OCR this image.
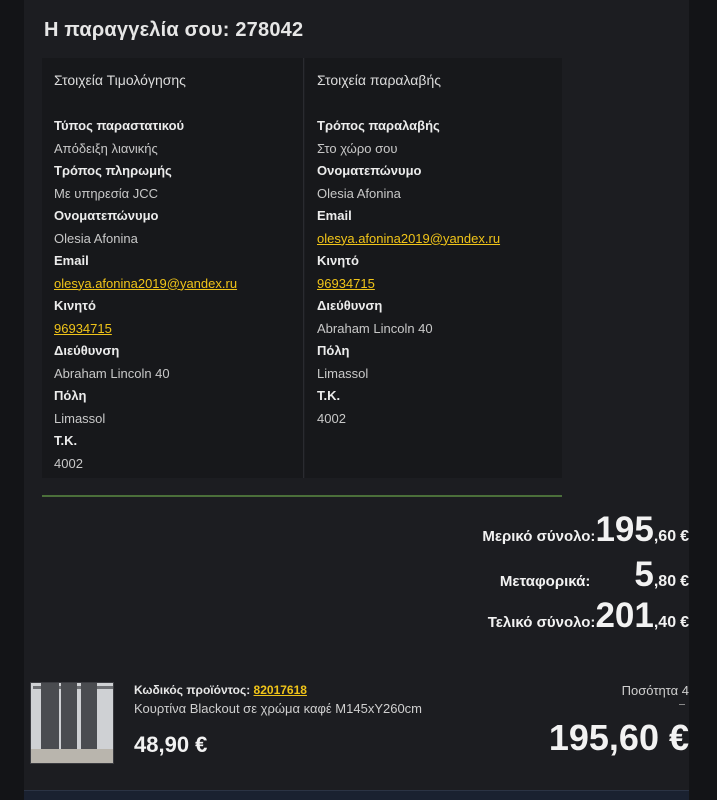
Η παραγγελία σου: 278042
Στοιχεία Τιμολόγησης
Τύπος παραστατικού
Απόδειξη λιανικής
Τρόπος πληρωμής
Με υπηρεσία JCC
Ονοματεπώνυμο
Olesia Afonina
Email
olesya.afonina2019@yandex.ru
Κινητό
96934715
Διεύθυνση
Abraham Lincoln 40
Πόλη
Limassol
Τ.Κ.
4002
Στοιχεία παραλαβής
Τρόπος παραλαβής
Στο χώρο σου
Ονοματεπώνυμο
Olesia Afonina
Email
olesya.afonina2019@yandex.ru
Κινητό
96934715
Διεύθυνση
Abraham Lincoln 40
Πόλη
Limassol
Τ.Κ.
4002
Μερικό σύνολο: 195 ,60 €
Μεταφορικά: 5 ,80 €
Τελικό σύνολο: 201 ,40 €
Κωδικός προϊόντος: 82017618
Κουρτίνα Blackout σε χρώμα καφέ Μ145xΥ260cm
48,90 €
Ποσότητα 4
195,60 €
